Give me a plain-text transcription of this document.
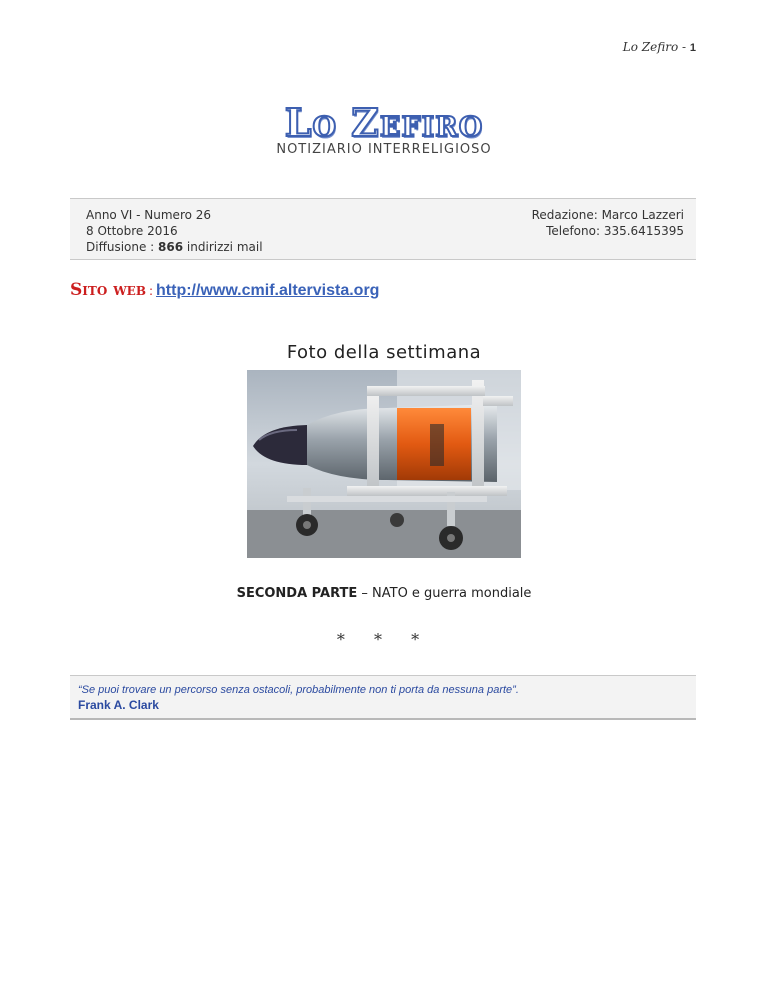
Lo Zefiro - 1
Lo Zefiro
NOTIZIARIO INTERRELIGIOSO
Anno VI - Numero 26
8 Ottobre 2016
Diffusione : 866 indirizzi mail
Redazione: Marco Lazzeri
Telefono: 335.6415395
Sito web : http://www.cmif.altervista.org
Foto della settimana
SECONDA PARTE – NATO e guerra mondiale
* * *
“Se puoi trovare un percorso senza ostacoli, probabilmente non ti porta da nessuna parte”.
Frank A. Clark
